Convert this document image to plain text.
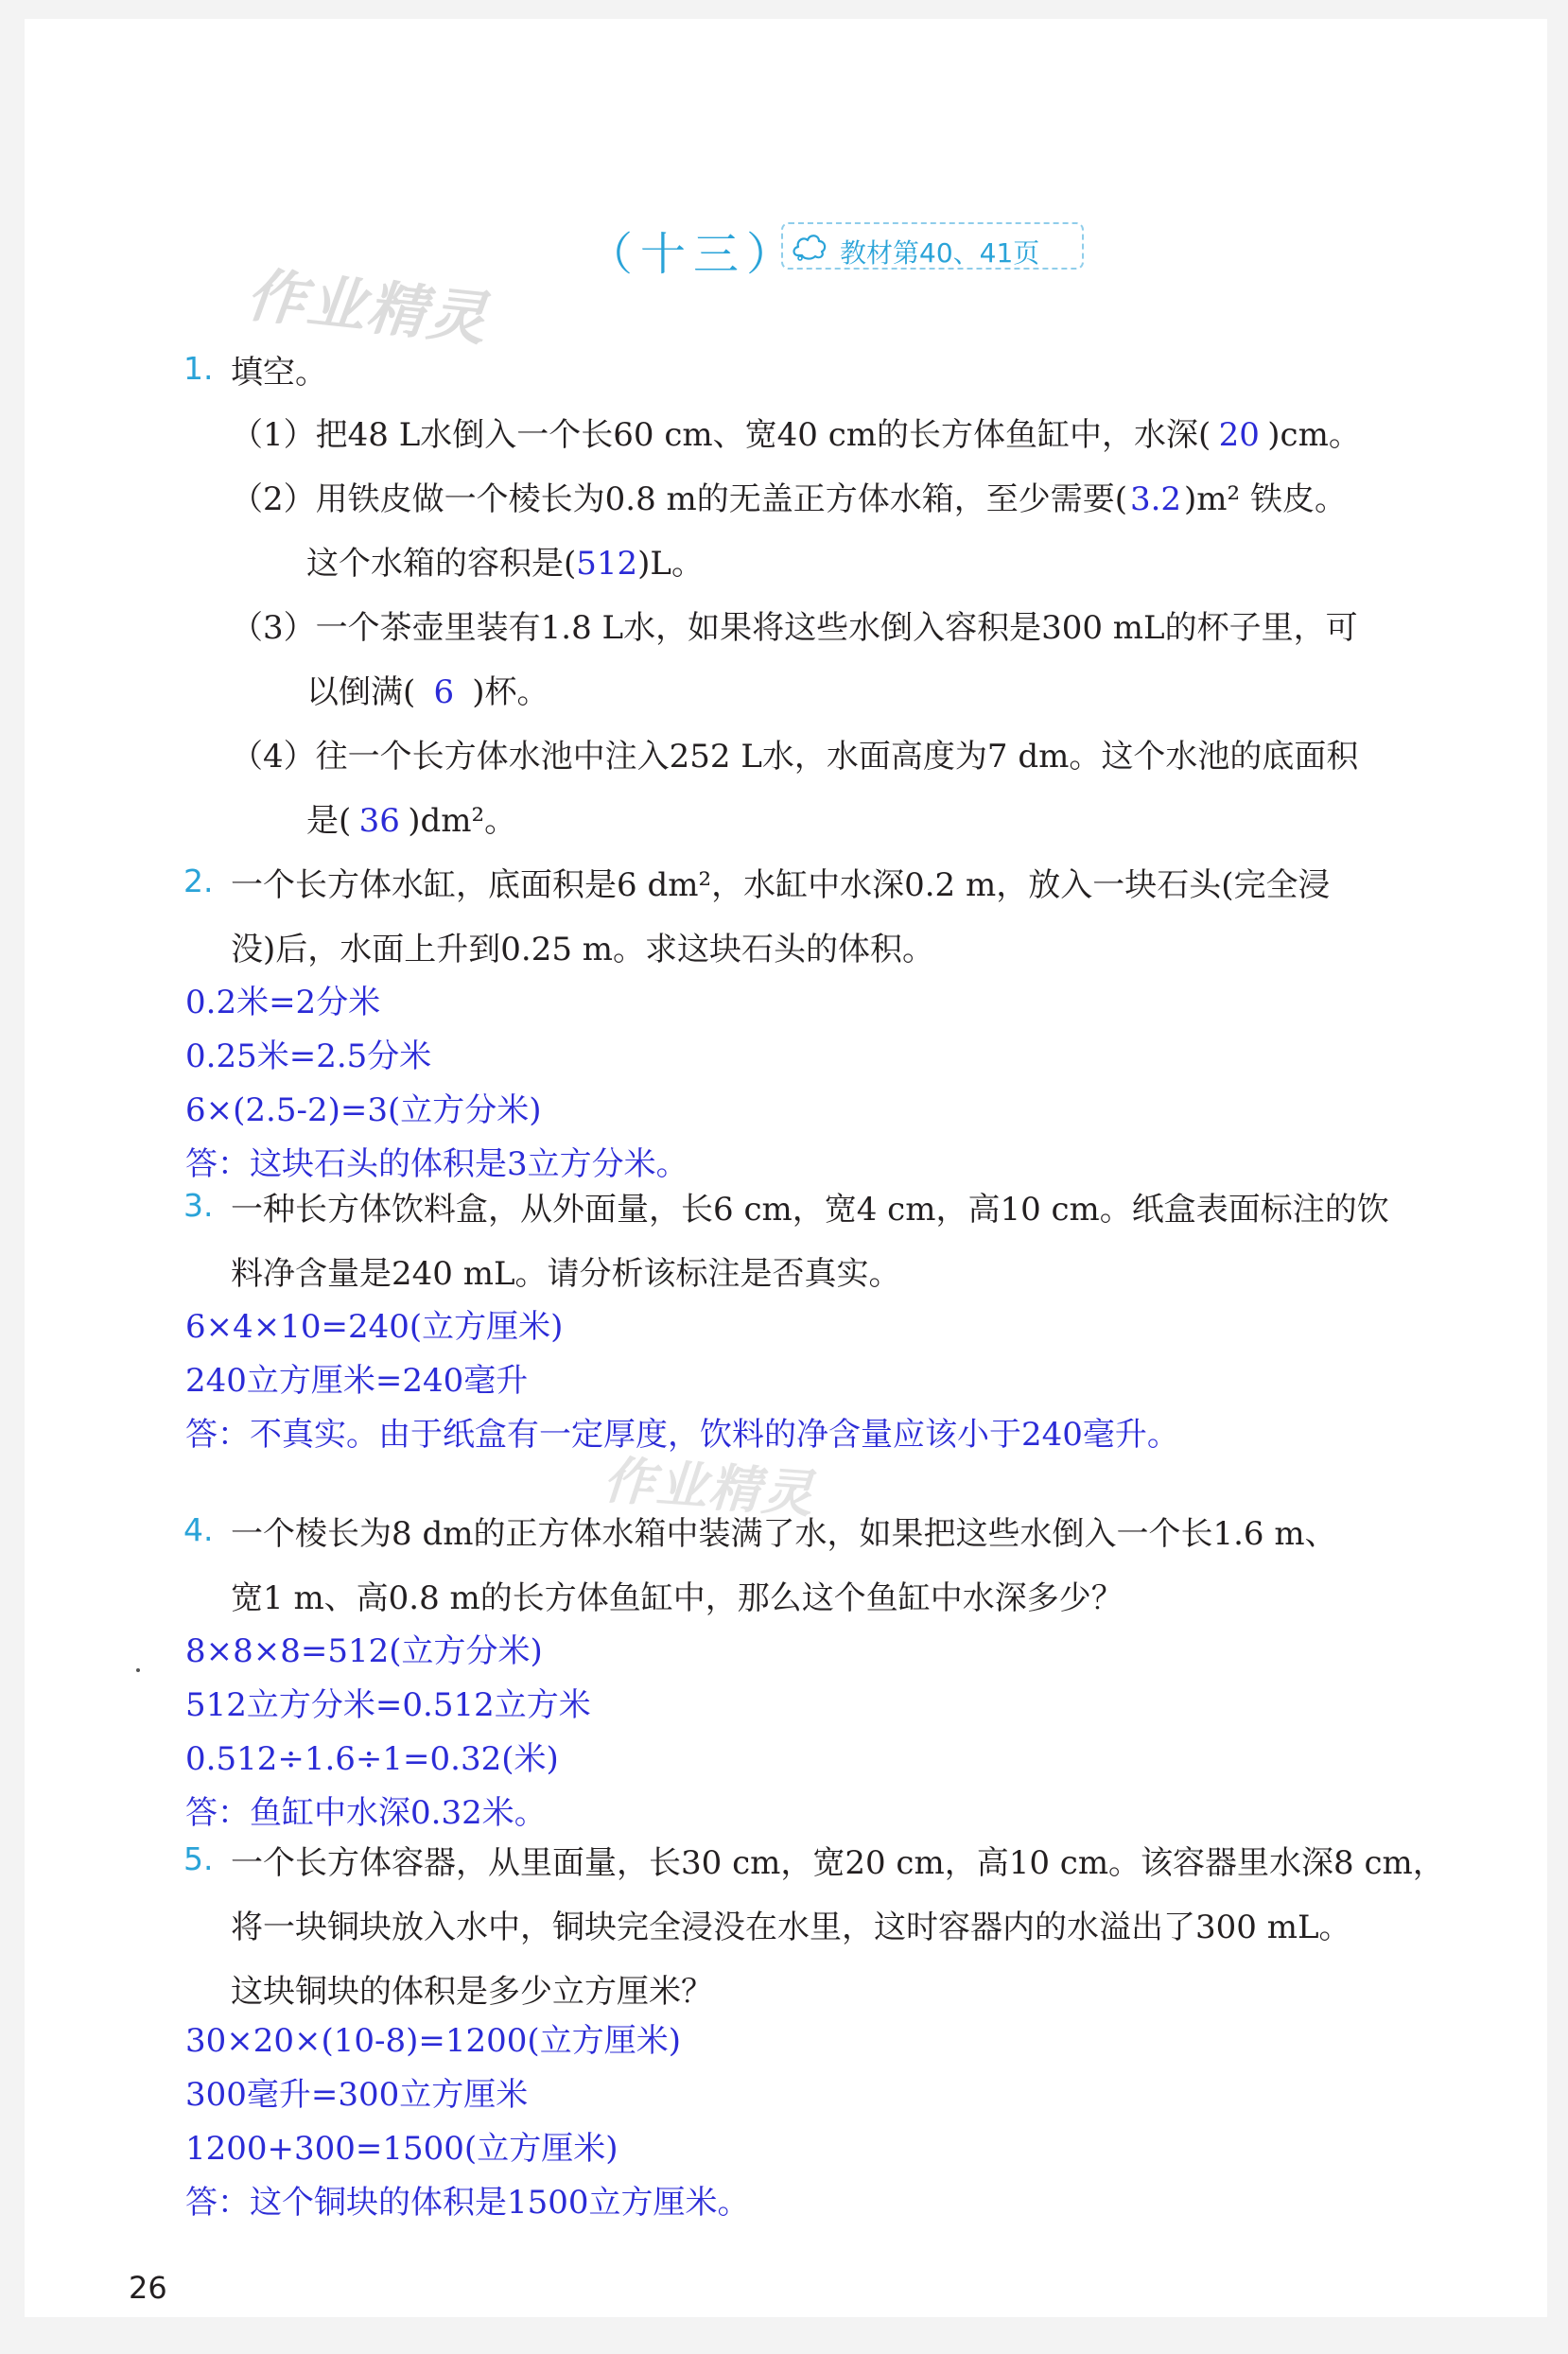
作业精灵
（十三） 教材第40、41页
1. 填空。
（1）把48 L水倒入一个长60 cm、宽40 cm的长方体鱼缸中，水深( 20 )cm。
（2）用铁皮做一个棱长为0.8 m的无盖正方体水箱，至少需要(3.2)m² 铁皮。
这个水箱的容积是(512)L。
（3）一个茶壶里装有1.8 L水，如果将这些水倒入容积是300 mL的杯子里，可
以倒满( 6 )杯。
（4）往一个长方体水池中注入252 L水，水面高度为7 dm。这个水池的底面积
是( 36 )dm²。
2. 一个长方体水缸，底面积是6 dm²，水缸中水深0.2 m，放入一块石头(完全浸
没)后，水面上升到0.25 m。求这块石头的体积。
0.2米=2分米
0.25米=2.5分米
6×(2.5-2)=3(立方分米)
答：这块石头的体积是3立方分米。
3. 一种长方体饮料盒，从外面量，长6 cm，宽4 cm，高10 cm。纸盒表面标注的饮
料净含量是240 mL。请分析该标注是否真实。
6×4×10=240(立方厘米)
240立方厘米=240毫升
答：不真实。由于纸盒有一定厚度，饮料的净含量应该小于240毫升。
作业精灵
4. 一个棱长为8 dm的正方体水箱中装满了水，如果把这些水倒入一个长1.6 m、
宽1 m、高0.8 m的长方体鱼缸中，那么这个鱼缸中水深多少？
8×8×8=512(立方分米)
512立方分米=0.512立方米
0.512÷1.6÷1=0.32(米)
答：鱼缸中水深0.32米。
5. 一个长方体容器，从里面量，长30 cm，宽20 cm，高10 cm。该容器里水深8 cm，
将一块铜块放入水中，铜块完全浸没在水里，这时容器内的水溢出了300 mL。
这块铜块的体积是多少立方厘米？
30×20×(10-8)=1200(立方厘米)
300毫升=300立方厘米
1200+300=1500(立方厘米)
答：这个铜块的体积是1500立方厘米。
26
